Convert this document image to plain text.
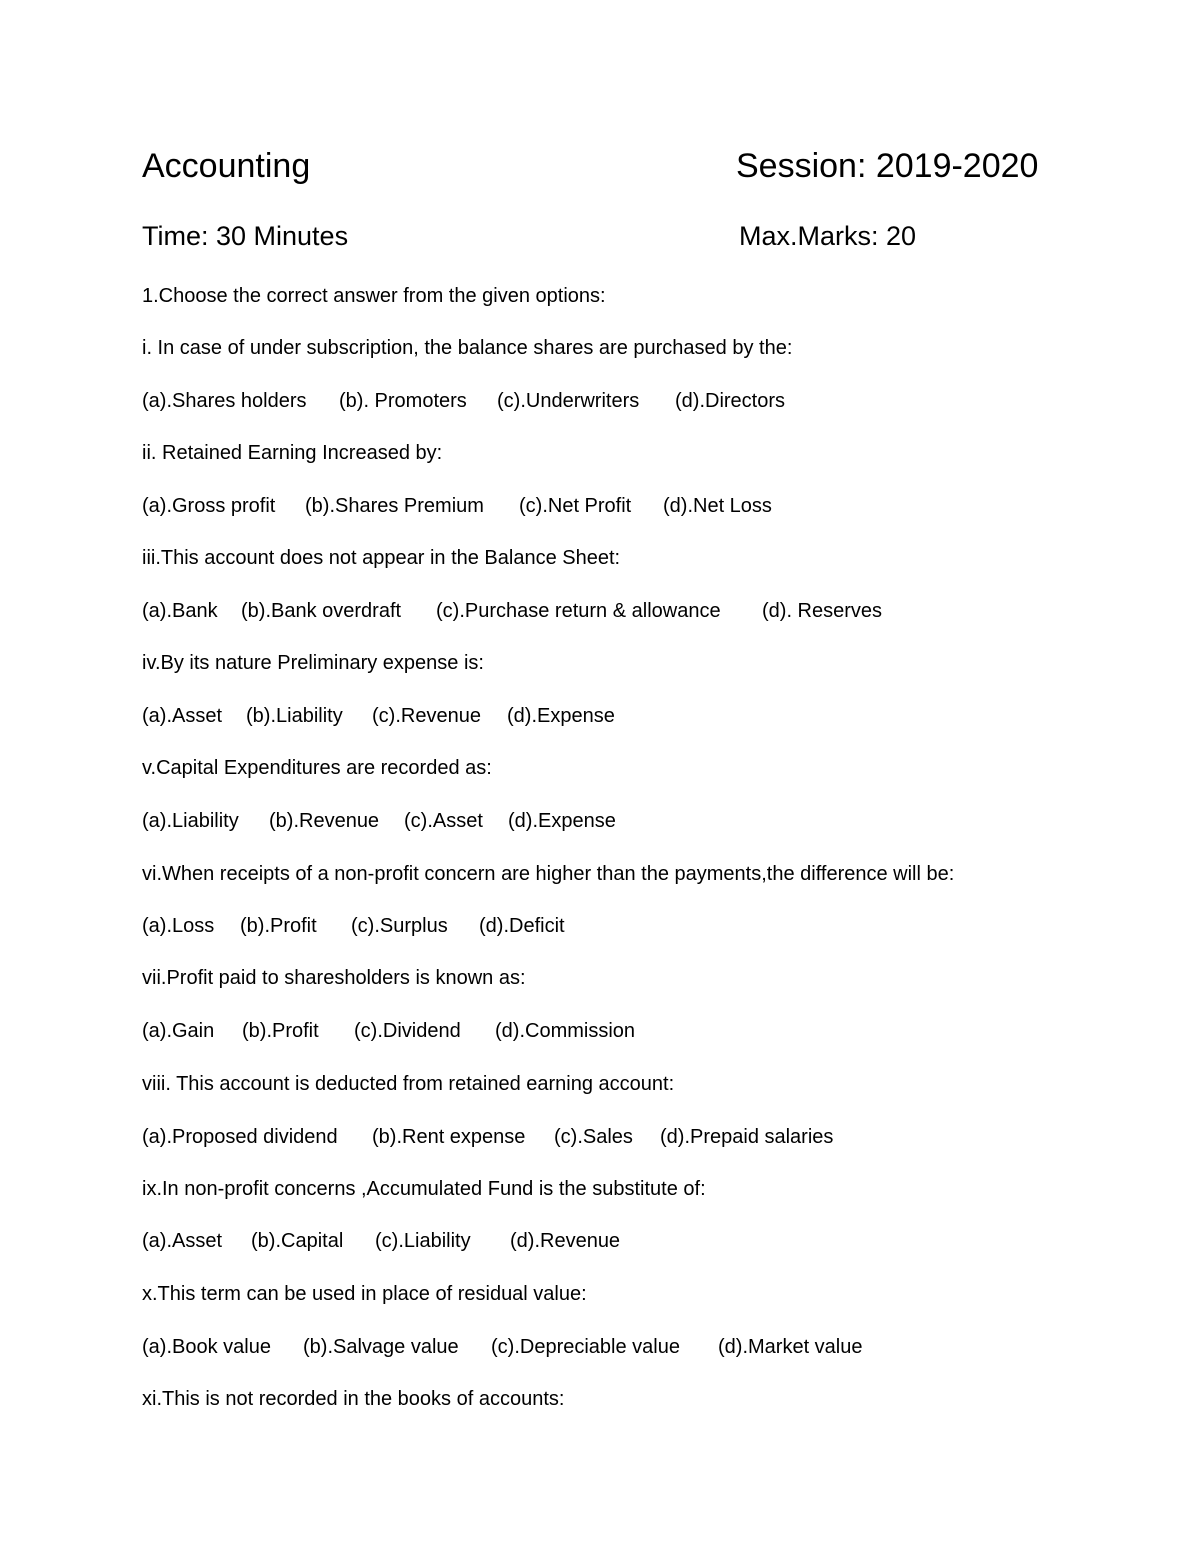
Accounting	Session: 2019-2020
Time: 30 Minutes	Max.Marks: 20
1.Choose the correct answer from the given options:
i. In case of under subscription, the balance shares are purchased by the:
(a).Shares holders (b). Promoters (c).Underwriters (d).Directors
ii. Retained Earning Increased by:
(a).Gross profit (b).Shares Premium (c).Net Profit (d).Net Loss
iii.This account does not appear in the Balance Sheet:
(a).Bank (b).Bank overdraft (c).Purchase return & allowance (d). Reserves
iv.By its nature Preliminary expense is:
(a).Asset (b).Liability (c).Revenue (d).Expense
v.Capital Expenditures are recorded as:
(a).Liability (b).Revenue (c).Asset (d).Expense
vi.When receipts of a non-profit concern are higher than the payments,the difference will be:
(a).Loss (b).Profit (c).Surplus (d).Deficit
vii.Profit paid to sharesholders is known as:
(a).Gain (b).Profit (c).Dividend (d).Commission
viii. This account is deducted from retained earning account:
(a).Proposed dividend (b).Rent expense (c).Sales (d).Prepaid salaries
ix.In non-profit concerns ,Accumulated Fund is the substitute of:
(a).Asset (b).Capital (c).Liability (d).Revenue
x.This term can be used in place of residual value:
(a).Book value (b).Salvage value (c).Depreciable value (d).Market value
xi.This is not recorded in the books of accounts:
